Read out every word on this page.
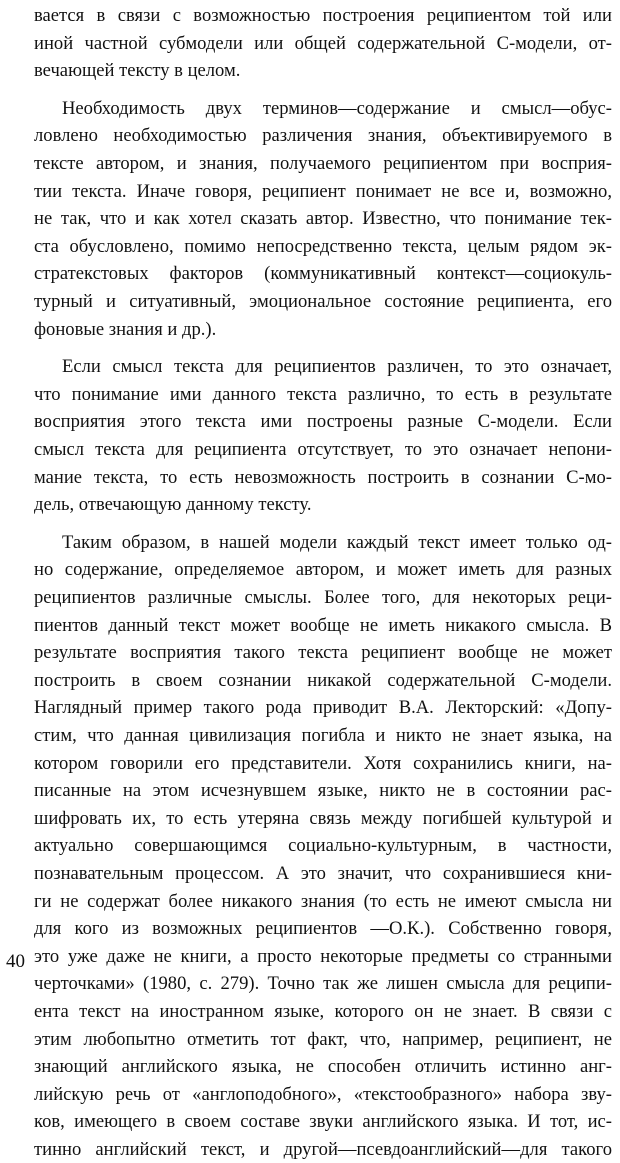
вается в связи с возможностью построения реципиентом той или
иной частной субмодели или общей содержательной С-модели, от-
вечающей тексту в целом.
Необходимость двух терминов—содержание и смысл—обус-
ловлено необходимостью различения знания, объективируемого в
тексте автором, и знания, получаемого реципиентом при восприя-
тии текста. Иначе говоря, реципиент понимает не все и, возможно,
не так, что и как хотел сказать автор. Известно, что понимание тек-
ста обусловлено, помимо непосредственно текста, целым рядом эк-
стратекстовых факторов (коммуникативный контекст—социокуль-
турный и ситуативный, эмоциональное состояние реципиента, его
фоновые знания и др.).
Если смысл текста для реципиентов различен, то это означает,
что понимание ими данного текста различно, то есть в результате
восприятия этого текста ими построены разные С-модели. Если
смысл текста для реципиента отсутствует, то это означает непони-
мание текста, то есть невозможность построить в сознании С-мо-
дель, отвечающую данному тексту.
Таким образом, в нашей модели каждый текст имеет только од-
но содержание, определяемое автором, и может иметь для разных
реципиентов различные смыслы. Более того, для некоторых реци-
пиентов данный текст может вообще не иметь никакого смысла. В
результате восприятия такого текста реципиент вообще не может
построить в своем сознании никакой содержательной С-модели.
Наглядный пример такого рода приводит В.А. Лекторский: «Допу-
стим, что данная цивилизация погибла и никто не знает языка, на
котором говорили его представители. Хотя сохранились книги, на-
писанные на этом исчезнувшем языке, никто не в состоянии рас-
шифровать их, то есть утеряна связь между погибшей культурой и
актуально совершающимся социально-культурным, в частности,
познавательным процессом. А это значит, что сохранившиеся кни-
ги не содержат более никакого знания (то есть не имеют смысла ни
для кого из возможных реципиентов —О.К.). Собственно говоря,
это уже даже не книги, а просто некоторые предметы со странными
черточками» (1980, с. 279). Точно так же лишен смысла для реципи-
ента текст на иностранном языке, которого он не знает. В связи с
этим любопытно отметить тот факт, что, например, реципиент, не
знающий английского языка, не способен отличить истинно анг-
лийскую речь от «англоподобного», «текстообразного» набора зву-
ков, имеющего в своем составе звуки английского языка. И тот, ис-
тинно английский текст, и другой—псевдоанглийский—для такого
40
